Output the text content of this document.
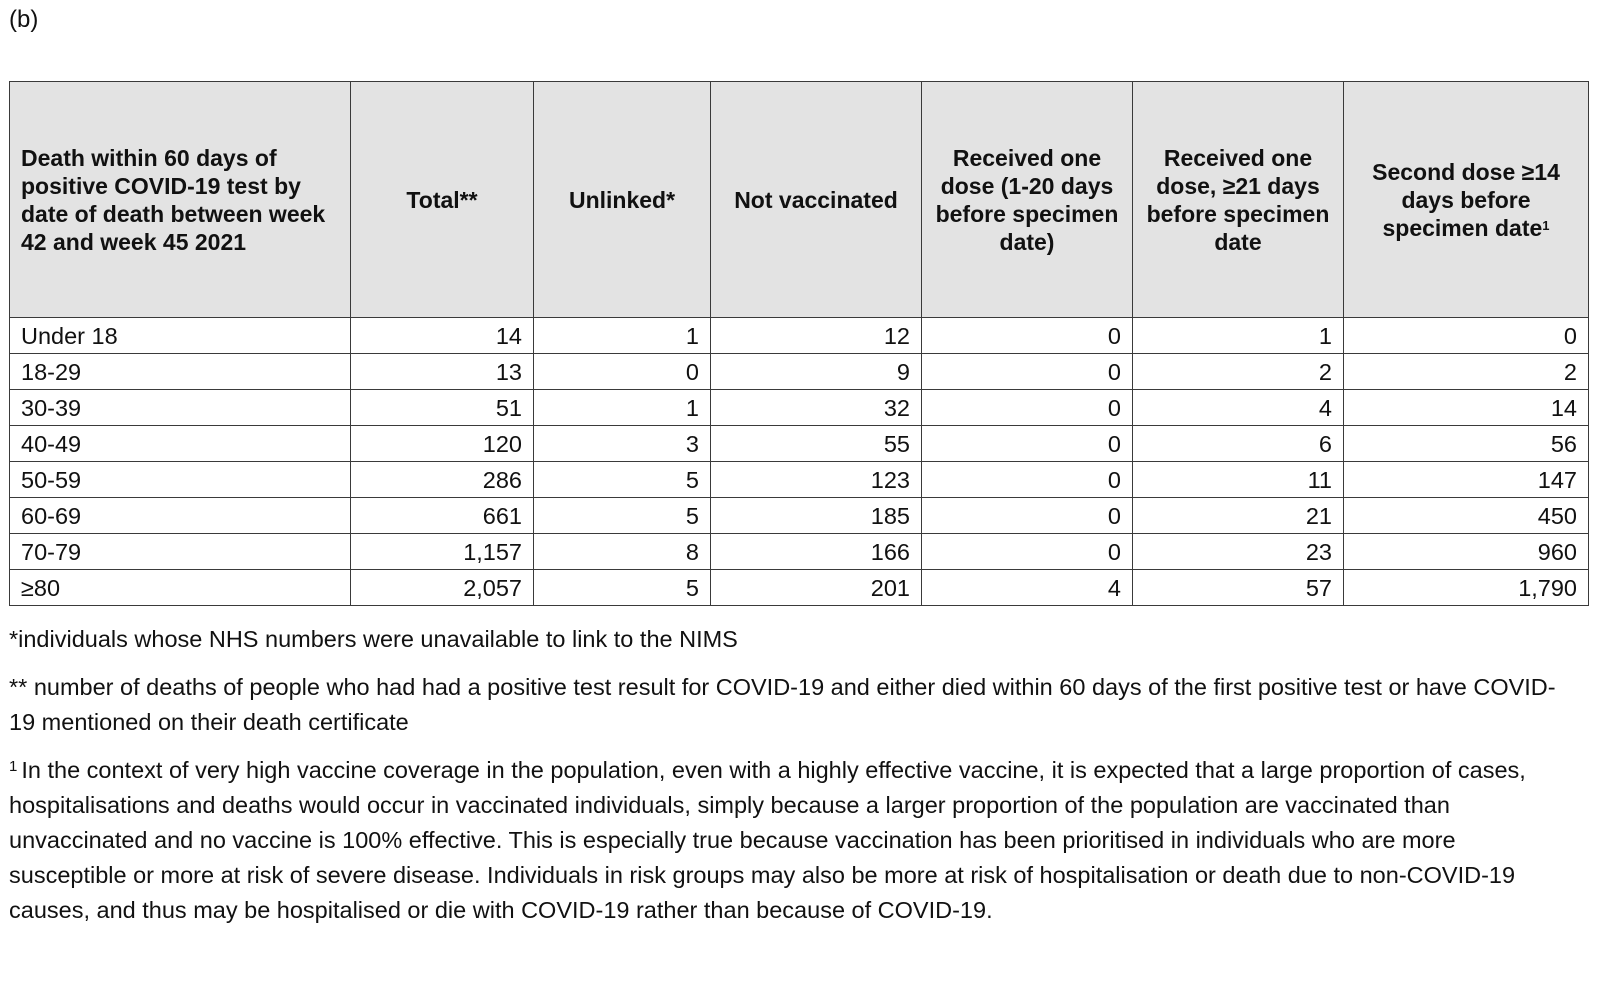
(b)
Death within 60 days of positive COVID-19 test by date of death between week 42 and week 45 2021	Total**	Unlinked*	Not vaccinated	Received one dose (1-20 days before specimen date)	Received one dose, ≥21 days before specimen date	Second dose ≥14 days before specimen date$^1$
Under 18	14	1	12	0	1	0
18-29	13	0	9	0	2	2
30-39	51	1	32	0	4	14
40-49	120	3	55	0	6	56
50-59	286	5	123	0	11	147
60-69	661	5	185	0	21	450
70-79	1,157	8	166	0	23	960
≥80	2,057	5	201	4	57	1,790

*individuals whose NHS numbers were unavailable to link to the NIMS

** number of deaths of people who had had a positive test result for COVID-19 and either died within 60 days of the first positive test or have COVID-19 mentioned on their death certificate

$^1$ In the context of very high vaccine coverage in the population, even with a highly effective vaccine, it is expected that a large proportion of cases, hospitalisations and deaths would occur in vaccinated individuals, simply because a larger proportion of the population are vaccinated than unvaccinated and no vaccine is 100% effective. This is especially true because vaccination has been prioritised in individuals who are more susceptible or more at risk of severe disease. Individuals in risk groups may also be more at risk of hospitalisation or death due to non-COVID-19 causes, and thus may be hospitalised or die with COVID-19 rather than because of COVID-19.
